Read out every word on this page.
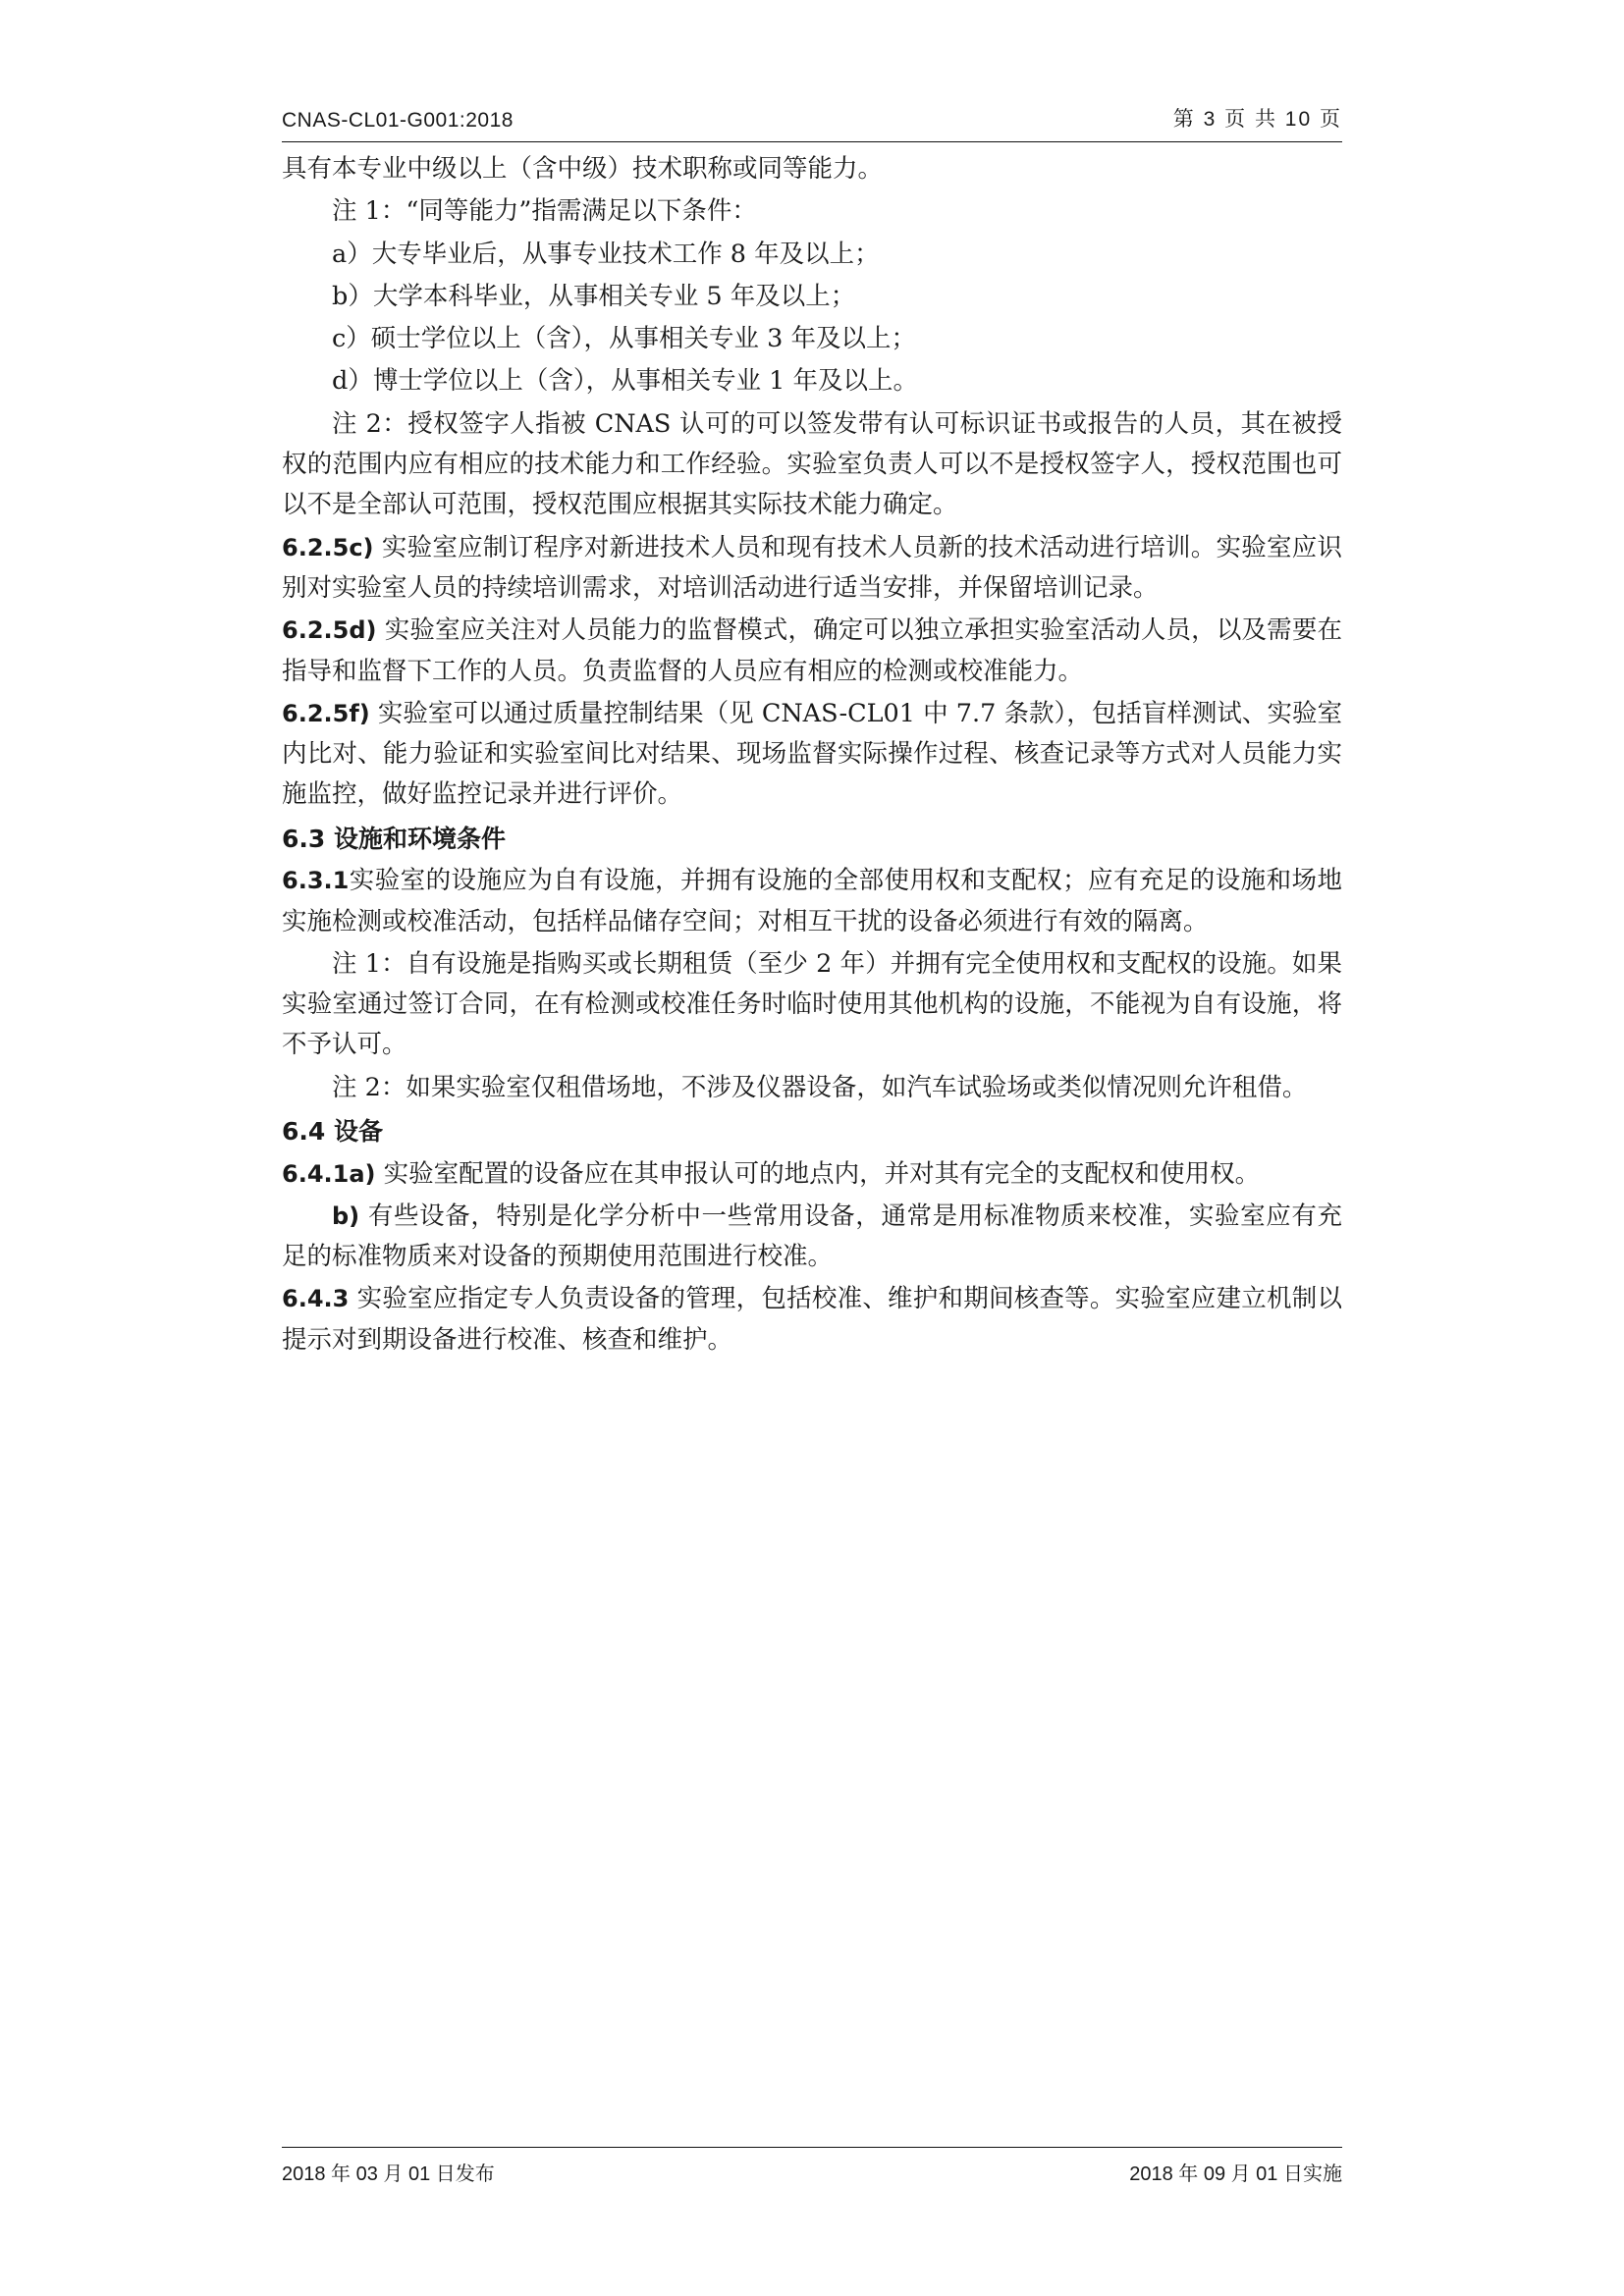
CNAS-CL01-G001:2018	第 3 页 共 10 页

具有本专业中级以上（含中级）技术职称或同等能力。

注 1：“同等能力”指需满足以下条件：

a）大专毕业后，从事专业技术工作 8 年及以上；

b）大学本科毕业，从事相关专业 5 年及以上；

c）硕士学位以上（含），从事相关专业 3 年及以上；

d）博士学位以上（含），从事相关专业 1 年及以上。

注 2：授权签字人指被 CNAS 认可的可以签发带有认可标识证书或报告的人员，其在被授权的范围内应有相应的技术能力和工作经验。实验室负责人可以不是授权签字人，授权范围也可以不是全部认可范围，授权范围应根据其实际技术能力确定。

6.2.5c) 实验室应制订程序对新进技术人员和现有技术人员新的技术活动进行培训。实验室应识别对实验室人员的持续培训需求，对培训活动进行适当安排，并保留培训记录。

6.2.5d) 实验室应关注对人员能力的监督模式，确定可以独立承担实验室活动人员，以及需要在指导和监督下工作的人员。负责监督的人员应有相应的检测或校准能力。

6.2.5f) 实验室可以通过质量控制结果（见 CNAS-CL01 中 7.7 条款），包括盲样测试、实验室内比对、能力验证和实验室间比对结果、现场监督实际操作过程、核查记录等方式对人员能力实施监控，做好监控记录并进行评价。

6.3 设施和环境条件

6.3.1实验室的设施应为自有设施，并拥有设施的全部使用权和支配权；应有充足的设施和场地实施检测或校准活动，包括样品储存空间；对相互干扰的设备必须进行有效的隔离。

注 1：自有设施是指购买或长期租赁（至少 2 年）并拥有完全使用权和支配权的设施。如果实验室通过签订合同，在有检测或校准任务时临时使用其他机构的设施，不能视为自有设施，将不予认可。

注 2：如果实验室仅租借场地，不涉及仪器设备，如汽车试验场或类似情况则允许租借。

6.4 设备

6.4.1a) 实验室配置的设备应在其申报认可的地点内，并对其有完全的支配权和使用权。

b) 有些设备，特别是化学分析中一些常用设备，通常是用标准物质来校准，实验室应有充足的标准物质来对设备的预期使用范围进行校准。

6.4.3 实验室应指定专人负责设备的管理，包括校准、维护和期间核查等。实验室应建立机制以提示对到期设备进行校准、核查和维护。

2018 年 03 月 01 日发布	2018 年 09 月 01 日实施
